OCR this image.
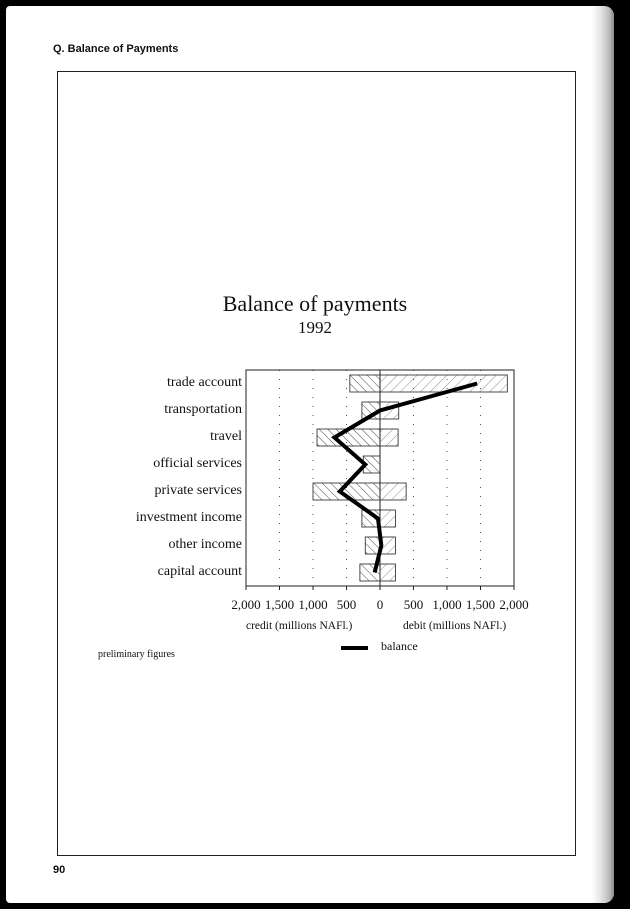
Q. Balance of Payments
90
Balance of payments
1992
trade account
transportation
travel
official services
private services
investment income
other income
capital account
2,000 1,500 1,000 500 0 500 1,000 1,500 2,000
credit (millions NAFl.)	debit (millions NAFl.)
preliminary figures
balance
